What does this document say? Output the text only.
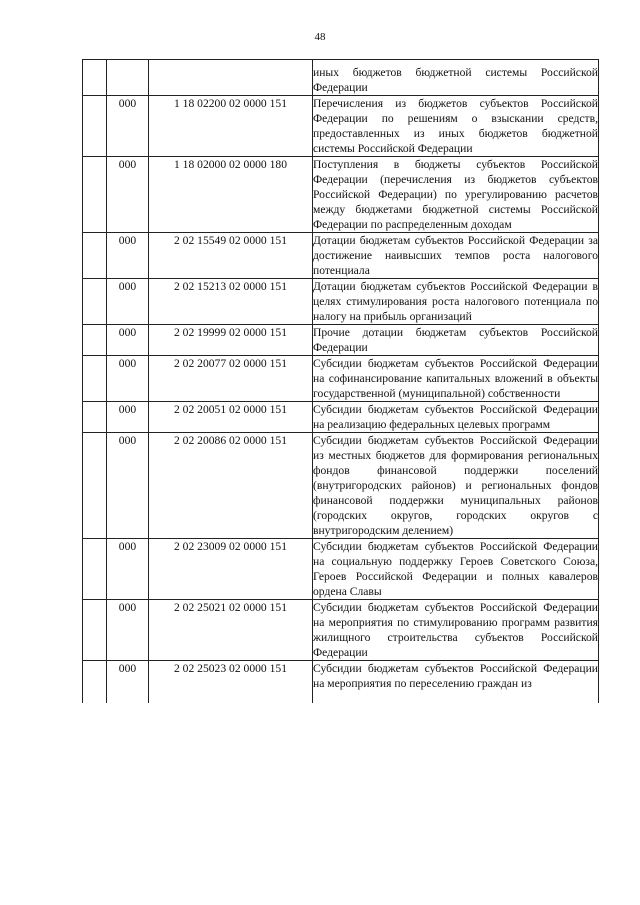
48
			иных бюджетов бюджетной системы Российской Федерации
	000	1 18 02200 02 0000 151	Перечисления из бюджетов субъектов Российской Федерации по решениям о взыскании средств, предоставленных из иных бюджетов бюджетной системы Российской Федерации
	000	1 18 02000 02 0000 180	Поступления в бюджеты субъектов Российской Федерации (перечисления из бюджетов субъектов Российской Федерации) по урегулированию расчетов между бюджетами бюджетной системы Российской Федерации по распределенным доходам
	000	2 02 15549 02 0000 151	Дотации бюджетам субъектов Российской Федерации за достижение наивысших темпов роста налогового потенциала
	000	2 02 15213 02 0000 151	Дотации бюджетам субъектов Российской Федерации в целях стимулирования роста налогового потенциала по налогу на прибыль организаций
	000	2 02 19999 02 0000 151	Прочие дотации бюджетам субъектов Российской Федерации
	000	2 02 20077 02 0000 151	Субсидии бюджетам субъектов Российской Федерации на софинансирование капитальных вложений в объекты государственной (муниципальной) собственности
	000	2 02 20051 02 0000 151	Субсидии бюджетам субъектов Российской Федерации на реализацию федеральных целевых программ
	000	2 02 20086 02 0000 151	Субсидии бюджетам субъектов Российской Федерации из местных бюджетов для формирования региональных фондов финансовой поддержки поселений (внутригородских районов) и региональных фондов финансовой поддержки муниципальных районов (городских округов, городских округов с внутригородским делением)
	000	2 02 23009 02 0000 151	Субсидии бюджетам субъектов Российской Федерации на социальную поддержку Героев Советского Союза, Героев Российской Федерации и полных кавалеров ордена Славы
	000	2 02 25021 02 0000 151	Субсидии бюджетам субъектов Российской Федерации на мероприятия по стимулированию программ развития жилищного строительства субъектов Российской Федерации
	000	2 02 25023 02 0000 151	Субсидии бюджетам субъектов Российской Федерации на мероприятия по переселению граждан из
